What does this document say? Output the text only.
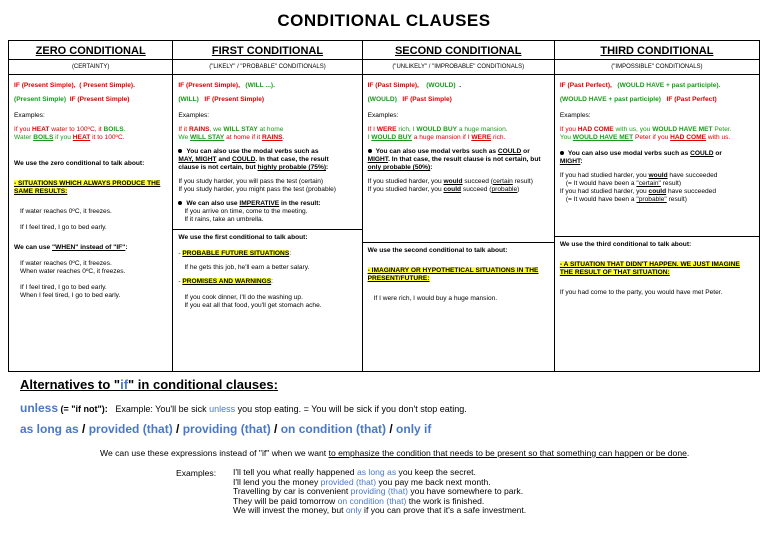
CONDITIONAL CLAUSES
ZERO CONDITIONAL
(CERTAINTY)

IF (Present Simple), ( Present Simple).

(Present Simple) IF (Present Simple)

Examples:

If you HEAT water to 100ºC, it BOILS.

Water BOILS if you HEAT it to 100ºC.

We use the zero conditional to talk about:

- SITUATIONS WHICH ALWAYS PRODUCE THE SAME RESULTS:

If water reaches 0ºC, it freezes.

If I feel tired, I go to bed early.

We can use "WHEN" instead of "IF":

If water reaches 0ºC, it freezes.

When water reaches 0ºC, it freezes.

If I feel tired, I go to bed early.

When I feel tired, I go to bed early.

FIRST CONDITIONAL
("LIKELY" / "PROBABLE" CONDITIONALS)

IF (Present Simple), (WILL ...).

(WILL) IF (Present Simple)

Examples:

If it RAINS, we WILL STAY at home

We WILL STAY at home if it RAINS.

You can also use the modal verbs such as
MAY, MIGHT and COULD. In that case, the result
clause is not certain, but highly probable (75%):

If you study harder, you will pass the test (certain)

If you study harder, you might pass the test (probable)

We can also use IMPERATIVE in the result:

If you arrive on time, come to the meeting.

If it rains, take an umbrella.

We use the first conditional to talk about:

- PROBABLE FUTURE SITUATIONS:

If he gets this job, he'll earn a better salary.

- PROMISES AND WARNINGS:

If you cook dinner, I'll do the washing up.

If you eat all that food, you'll get stomach ache.

SECOND CONDITIONAL
("UNLIKELY" / "IMPROBABLE" CONDITIONALS)

IF (Past Simple), (WOULD) .

(WOULD) IF (Past Simple)

Examples:

If I WERE rich, I WOULD BUY a huge mansion.

I WOULD BUY a huge mansion if I WERE rich.

You can also use modal verbs such as COULD or
MIGHT. In that case, the result clause is not certain, but only probable (50%):

If you studied harder, you would succeed (certain result)

If you studied harder, you could succeed (probable)

We use the second conditional to talk about:

- IMAGINARY OR HYPOTHETICAL SITUATIONS IN THE PRESENT/FUTURE:

If I were rich, I would buy a huge mansion.

THIRD CONDITIONAL
("IMPOSSIBLE" CONDITIONALS)

IF (Past Perfect), (WOULD HAVE + past participle).

(WOULD HAVE + past participle) IF (Past Perfect)

Examples:

If you HAD COME with us, you WOULD HAVE MET Peter.

You WOULD HAVE MET Peter if you HAD COME with us.

You can also use modal verbs such as COULD or
MIGHT:

If you had studied harder, you would have succeeded

(= It would have been a "certain" result)

If you had studied harder, you could have succeeded

(= It would have been a "probable" result)

We use the third conditional to talk about:

- A SITUATION THAT DIDN'T HAPPEN. WE JUST IMAGINE THE RESULT OF THAT SITUATION:

If you had come to the party, you would have met Peter.

Alternatives to "if" in conditional clauses:
unless (= "if not"): Example: You'll be sick unless you stop eating. = You will be sick if you don't stop eating.
as long as / provided (that) / providing (that) / on condition (that) / only if
We can use these expressions instead of "if" when we want to emphasize the condition that needs to be present so that something can happen or be done.
Examples: I'll tell you what really happened as long as you keep the secret.
I'll lend you the money provided (that) you pay me back next month.
Travelling by car is convenient providing (that) you have somewhere to park.
They will be paid tomorrow on condition (that) the work is finished.
We will invest the money, but only if you can prove that it's a safe investment.
